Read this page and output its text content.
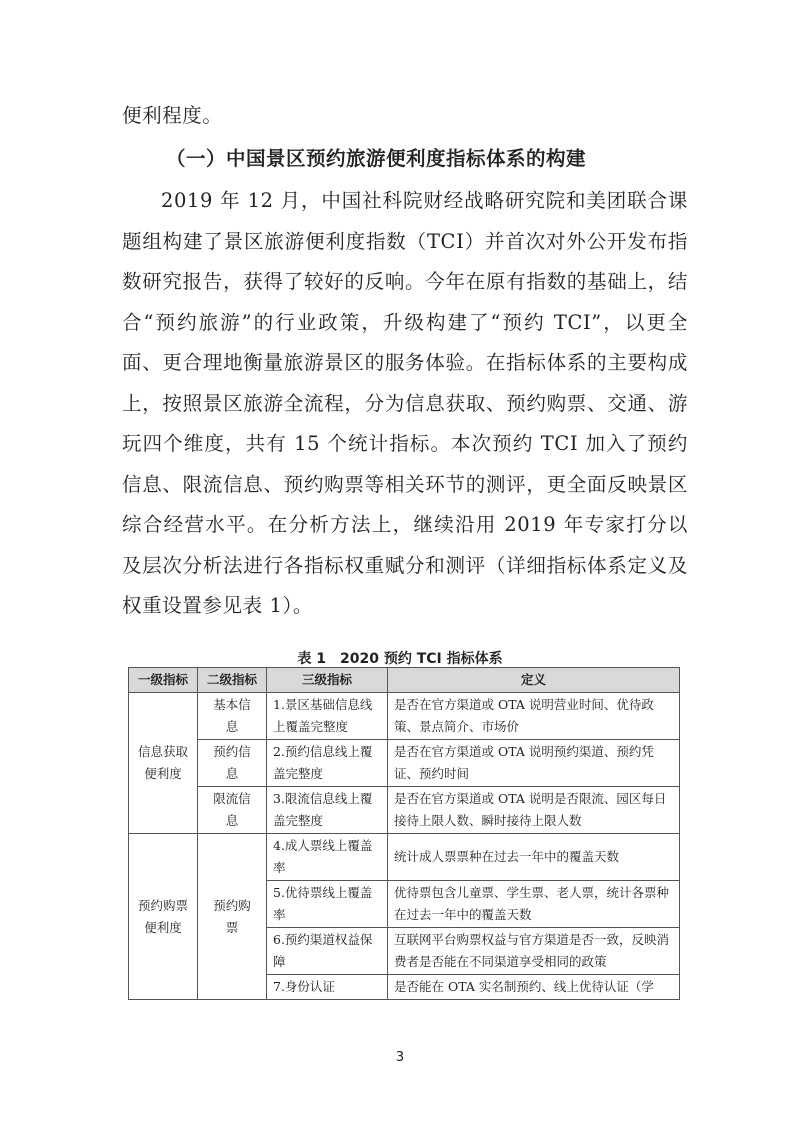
便利程度。

（一）中国景区预约旅游便利度指标体系的构建

2019 年 12 月，中国社科院财经战略研究院和美团联合课题组构建了景区旅游便利度指数（TCI）并首次对外公开发布指数研究报告，获得了较好的反响。今年在原有指数的基础上，结合“预约旅游”的行业政策，升级构建了“预约 TCI”，以更全面、更合理地衡量旅游景区的服务体验。在指标体系的主要构成上，按照景区旅游全流程，分为信息获取、预约购票、交通、游玩四个维度，共有 15 个统计指标。本次预约 TCI 加入了预约信息、限流信息、预约购票等相关环节的测评，更全面反映景区综合经营水平。在分析方法上，继续沿用 2019 年专家打分以及层次分析法进行各指标权重赋分和测评（详细指标体系定义及权重设置参见表 1）。

表 1　2020 预约 TCI 指标体系
一级指标	二级指标	三级指标	定义
信息获取便利度	基本信息	1.景区基础信息线上覆盖完整度	是否在官方渠道或 OTA 说明营业时间、优待政策、景点简介、市场价
	预约信息	2.预约信息线上覆盖完整度	是否在官方渠道或 OTA 说明预约渠道、预约凭证、预约时间
	限流信息	3.限流信息线上覆盖完整度	是否在官方渠道或 OTA 说明是否限流、园区每日接待上限人数、瞬时接待上限人数
预约购票便利度	预约购票	4.成人票线上覆盖率	统计成人票票种在过去一年中的覆盖天数
		5.优待票线上覆盖率	优待票包含儿童票、学生票、老人票，统计各票种在过去一年中的覆盖天数
		6.预约渠道权益保障	互联网平台购票权益与官方渠道是否一致，反映消费者是否能在不同渠道享受相同的政策
		7.身份认证	是否能在 OTA 实名制预约、线上优待认证（学
3
